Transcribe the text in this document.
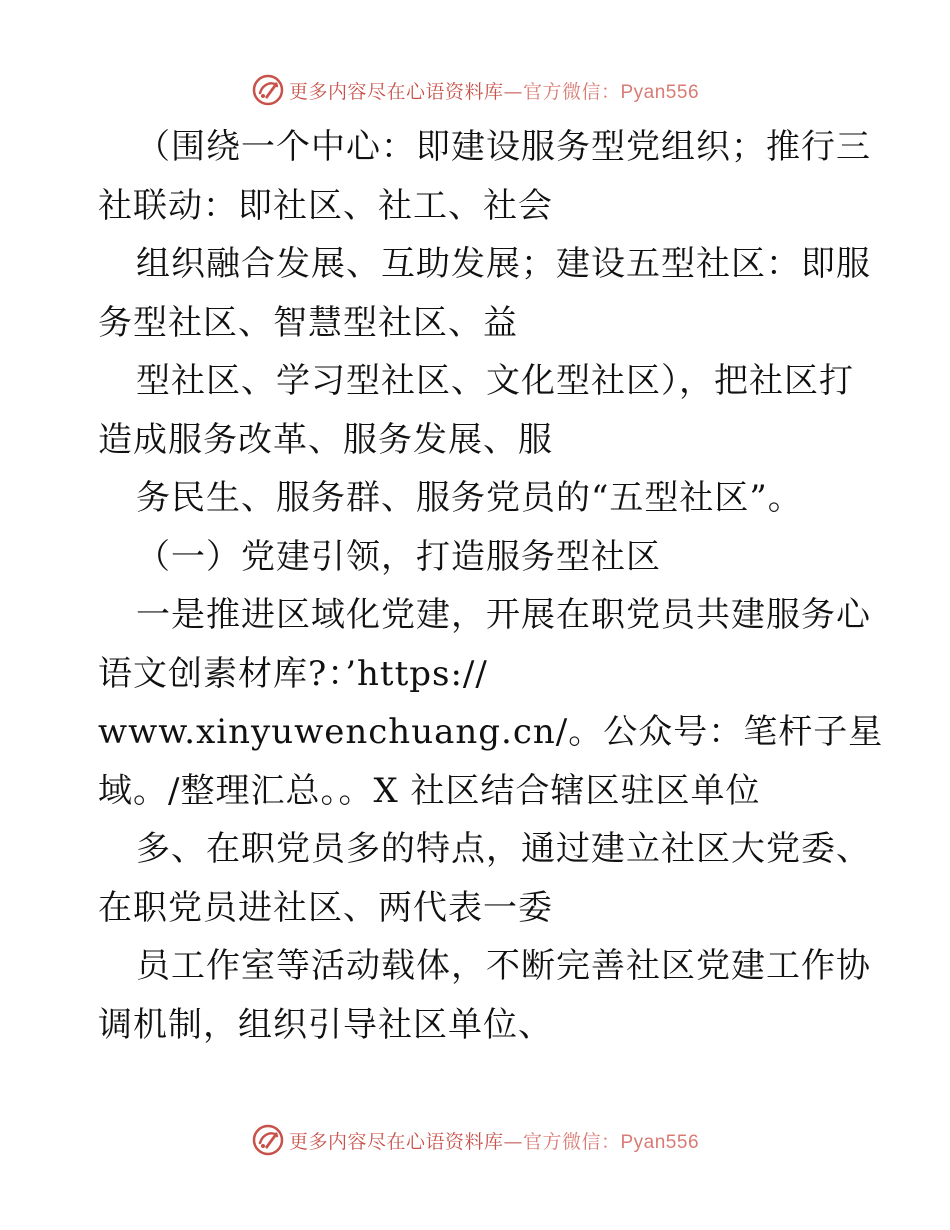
更多内容尽在心语资料库—官方微信：Pyan556
（围绕一个中心：即建设服务型党组织；推行三
社联动：即社区、社工、社会
组织融合发展、互助发展；建设五型社区：即服
务型社区、智慧型社区、益
型社区、学习型社区、文化型社区），把社区打
造成服务改革、服务发展、服
务民生、服务群、服务党员的“五型社区”。
（一）党建引领，打造服务型社区
一是推进区域化党建，开展在职党员共建服务心
语文创素材库?：’https://
www.xinyuwenchuang.cn/。公众号：笔杆子星
域。/整理汇总。。X 社区结合辖区驻区单位
多、在职党员多的特点，通过建立社区大党委、
在职党员进社区、两代表一委
员工作室等活动载体，不断完善社区党建工作协
调机制，组织引导社区单位、
更多内容尽在心语资料库—官方微信：Pyan556
